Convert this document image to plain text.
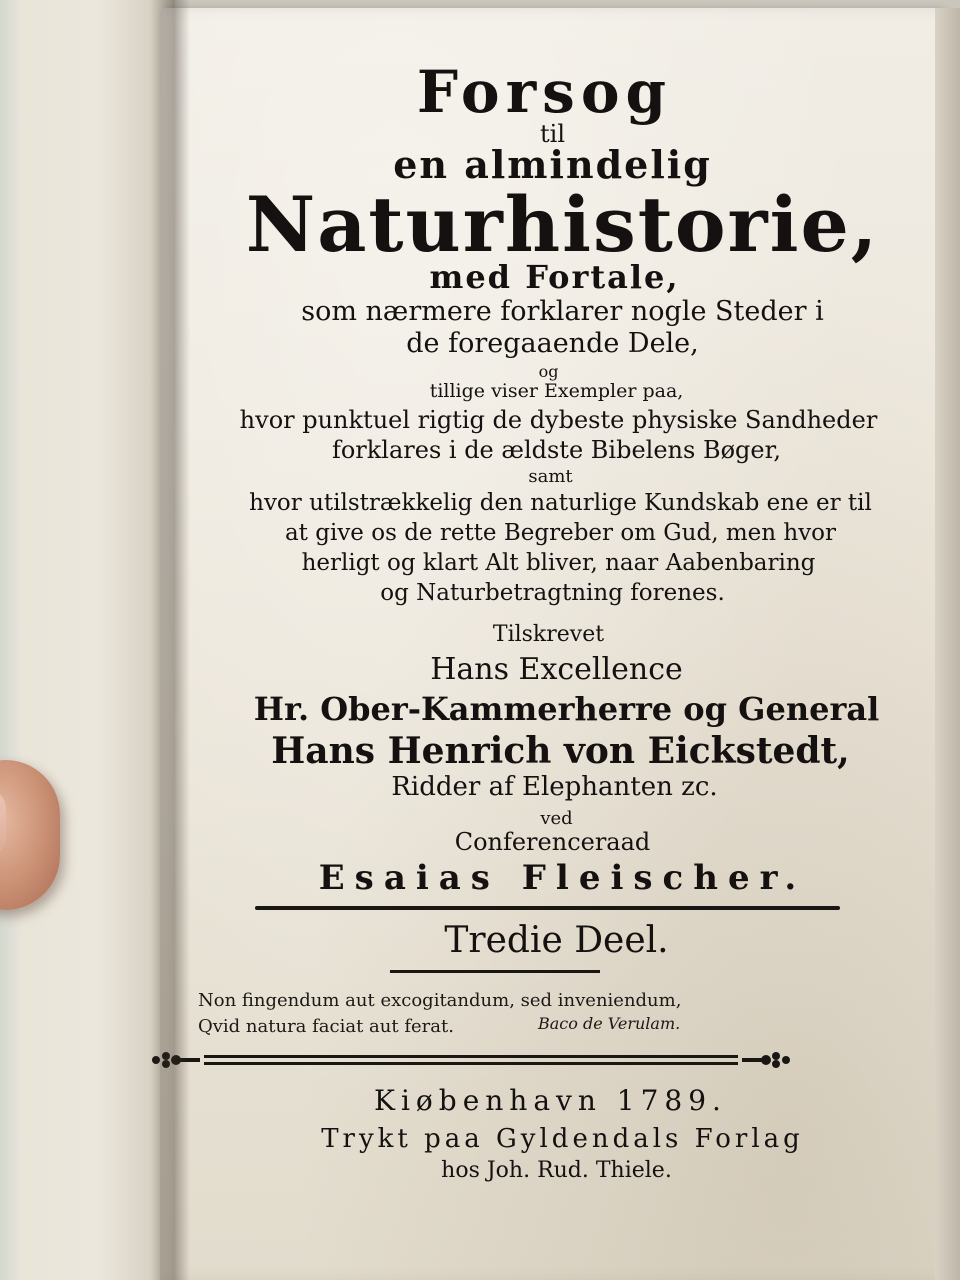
Forsog
til
en almindelig
Naturhistorie,
med Fortale,
som nærmere forklarer nogle Steder i
de foregaaende Dele,
og
tillige viser Exempler paa,
hvor punktuel rigtig de dybeste physiske Sandheder
forklares i de ældste Bibelens Bøger,
samt
hvor utilstrækkelig den naturlige Kundskab ene er til
at give os de rette Begreber om Gud, men hvor
herligt og klart Alt bliver, naar Aabenbaring
og Naturbetragtning forenes.
Tilskrevet
Hans Excellence
Hr. Ober-Kammerherre og General
Hans Henrich von Eickstedt,
Ridder af Elephanten zc.
ved
Conferenceraad
Esaias Fleischer.
Tredie Deel.
Non fingendum aut excogitandum, sed inveniendum,
Qvid natura faciat aut ferat.	Baco de Verulam.
Kiøbenhavn 1789.
Trykt paa Gyldendals Forlag
hos Joh. Rud. Thiele.
